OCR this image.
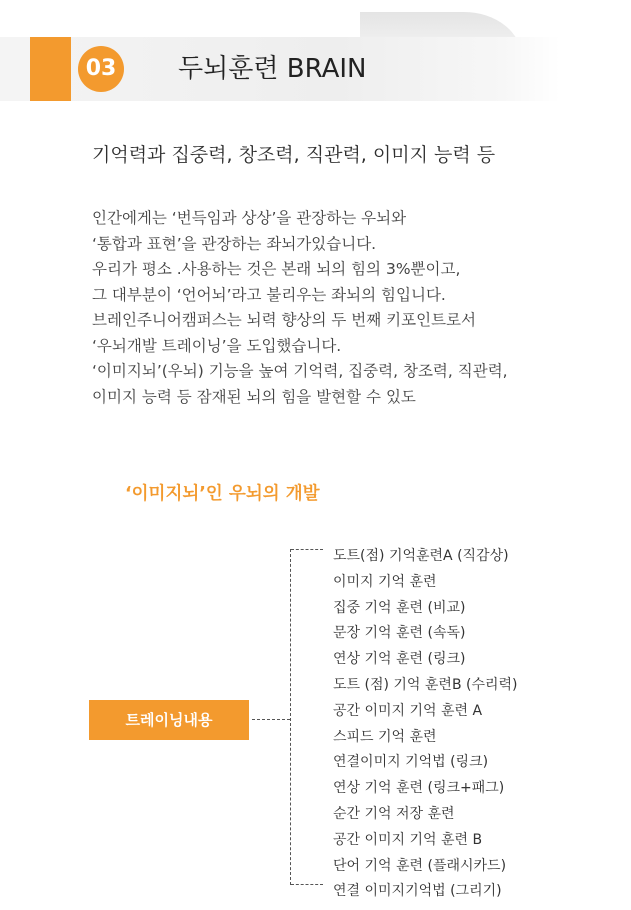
03 두뇌훈련 BRAIN
기억력과 집중력, 창조력, 직관력, 이미지 능력 등

인간에게는 ‘번득임과 상상’을 관장하는 우뇌와
‘통합과 표현’을 관장하는 좌뇌가있습니다.
우리가 평소 .사용하는 것은 본래 뇌의 힘의 3%뿐이고,
그 대부분이 ‘언어뇌’라고 불리우는 좌뇌의 힘입니다.
브레인주니어캠퍼스는 뇌력 향상의 두 번째 키포인트로서
‘우뇌개발 트레이닝’을 도입했습니다.
‘이미지뇌’(우뇌) 기능을 높여 기억력, 집중력, 창조력, 직관력,
이미지 능력 등 잠재된 뇌의 힘을 발현할 수 있도

‘이미지뇌’인 우뇌의 개발
트레이닝내용
도트(점) 기억훈련A (직감상)
이미지 기억 훈련
집중 기억 훈련 (비교)
문장 기억 훈련 (속독)
연상 기억 훈련 (링크)
도트 (점) 기억 훈련B (수리력)
공간 이미지 기억 훈련 A
스피드 기억 훈련
연결이미지 기억법 (링크)
연상 기억 훈련 (링크+패그)
순간 기억 저장 훈련
공간 이미지 기억 훈련 B
단어 기억 훈련 (플래시카드)
연결 이미지기억법 (그리기)
